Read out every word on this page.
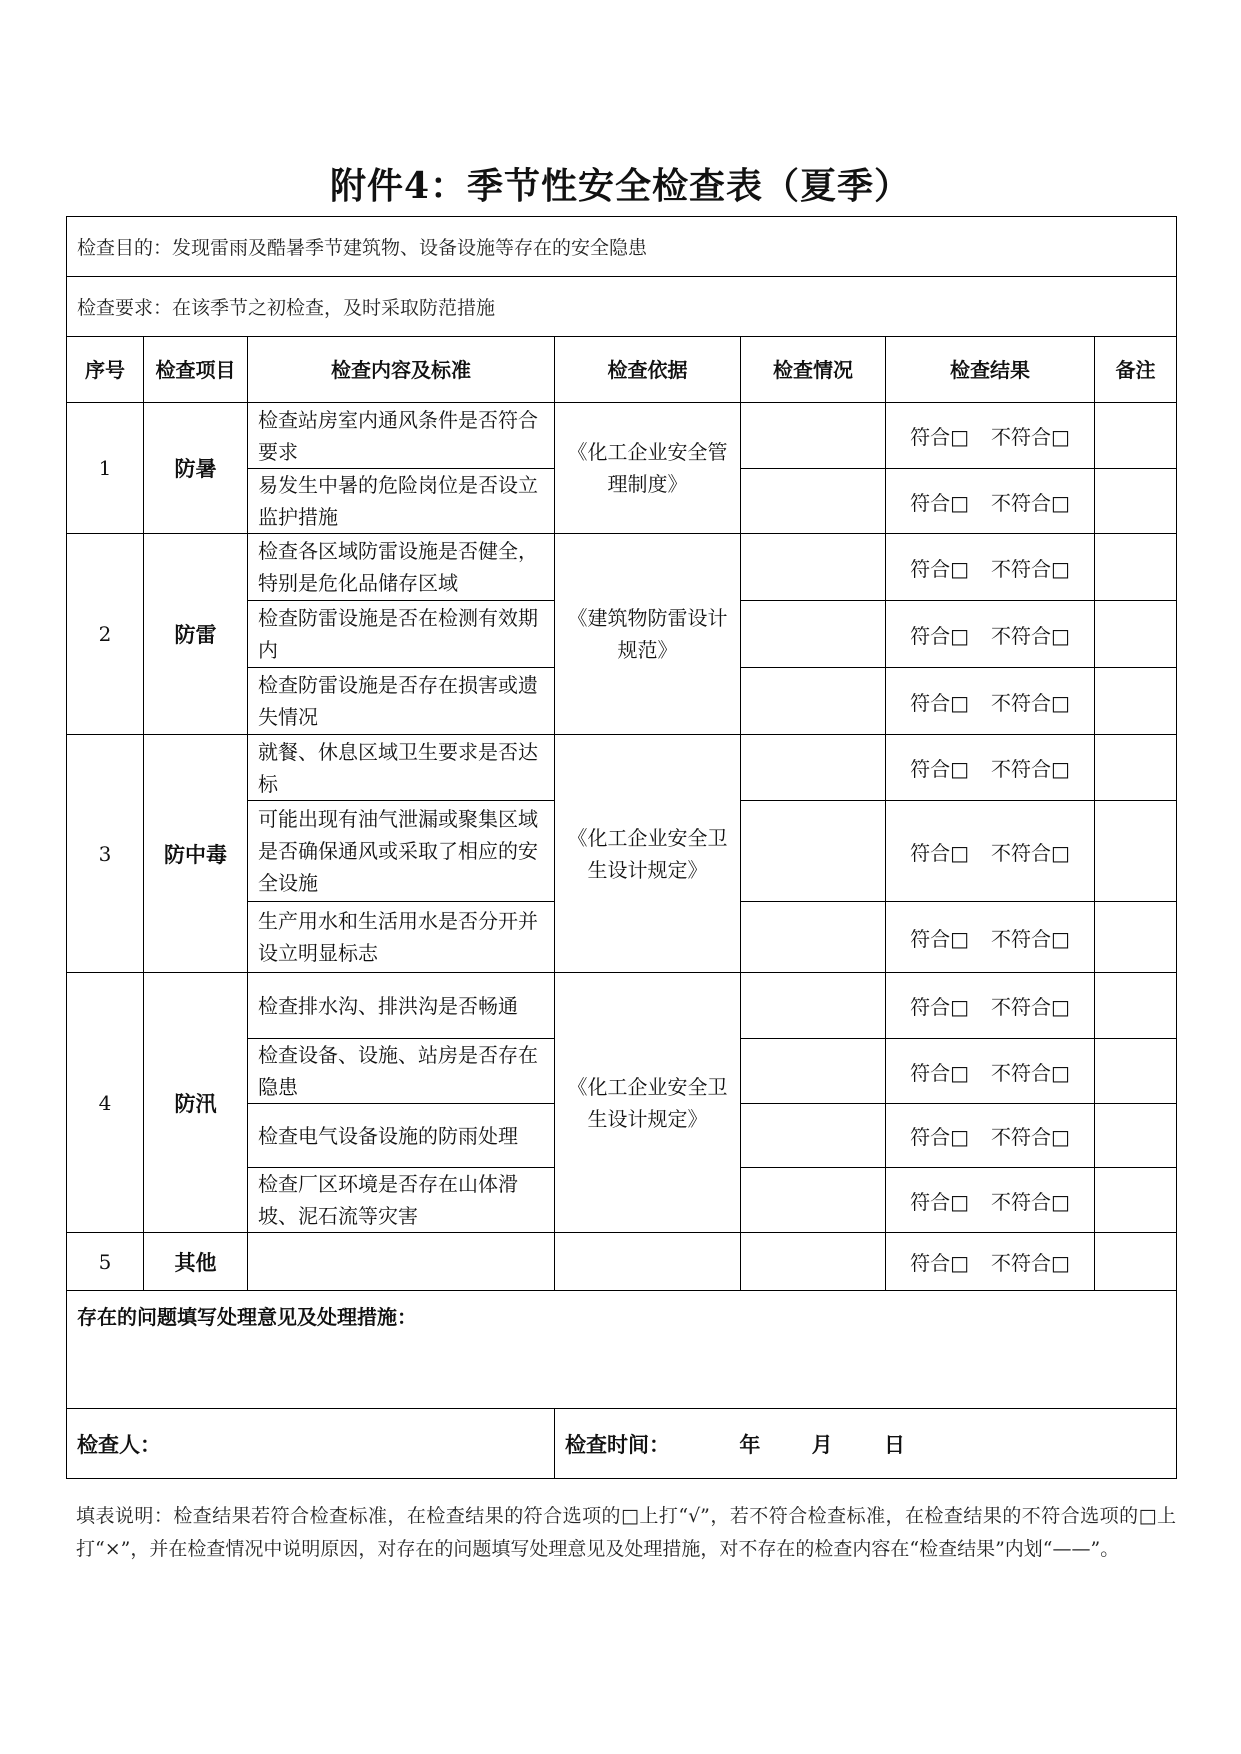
附件4：季节性安全检查表（夏季）
检查目的：发现雷雨及酷暑季节建筑物、设备设施等存在的安全隐患						
检查要求：在该季节之初检查，及时采取防范措施						
序号	检查项目	检查内容及标准	检查依据	检查情况	检查结果	备注
1	防暑	检查站房室内通风条件是否符合要求	《化工企业安全管理制度》		符合□ 不符合□	
		易发生中暑的危险岗位是否设立监护措施			符合□ 不符合□	
2	防雷	检查各区域防雷设施是否健全，特别是危化品储存区域	《建筑物防雷设计规范》		符合□ 不符合□	
		检查防雷设施是否在检测有效期内			符合□ 不符合□	
		检查防雷设施是否存在损害或遗失情况			符合□ 不符合□	
3	防中毒	就餐、休息区域卫生要求是否达标	《化工企业安全卫生设计规定》		符合□ 不符合□	
		可能出现有油气泄漏或聚集区域是否确保通风或采取了相应的安全设施			符合□ 不符合□	
		生产用水和生活用水是否分开并设立明显标志			符合□ 不符合□	
4	防汛	检查排水沟、排洪沟是否畅通	《化工企业安全卫生设计规定》		符合□ 不符合□	
		检查设备、设施、站房是否存在隐患			符合□ 不符合□	
		检查电气设备设施的防雨处理			符合□ 不符合□	
		检查厂区环境是否存在山体滑坡、泥石流等灾害			符合□ 不符合□	
5	其他				符合□ 不符合□	
存在的问题填写处理意见及处理措施：						
检查人：			检查时间： 年 月 日			
填表说明：检查结果若符合检查标准，在检查结果的符合选项的□上打“√”，若不符合检查标准，在检查结果的不符合选项的□上打“×”，并在检查情况中说明原因，对存在的问题填写处理意见及处理措施，对不存在的检查内容在“检查结果”内划“——”。
